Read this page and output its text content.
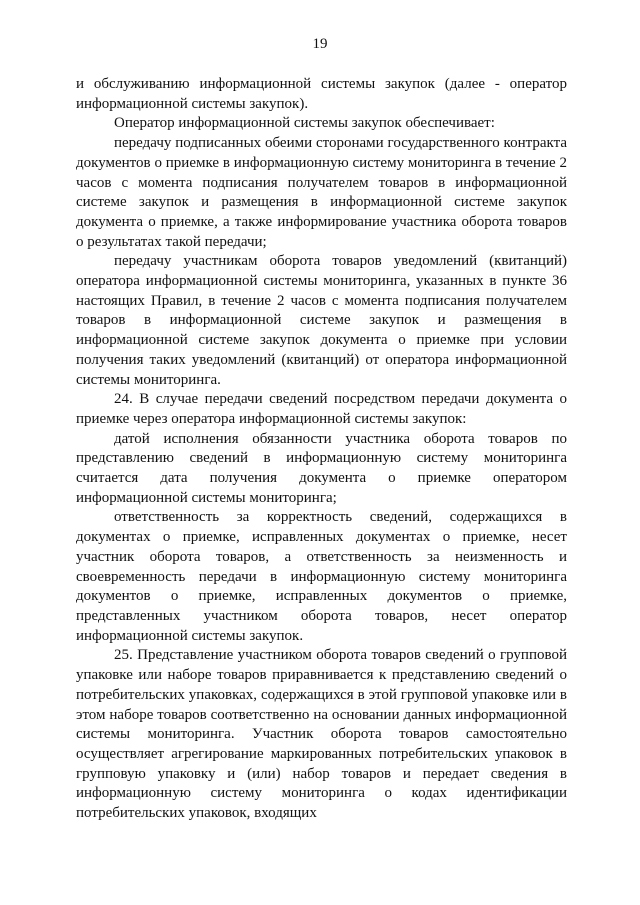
19

и обслуживанию информационной системы закупок (далее - оператор информационной системы закупок).

Оператор информационной системы закупок обеспечивает:

передачу подписанных обеими сторонами государственного контракта документов о приемке в информационную систему мониторинга в течение 2 часов с момента подписания получателем товаров в информационной системе закупок и размещения в информационной системе закупок документа о приемке, а также информирование участника оборота товаров о результатах такой передачи;

передачу участникам оборота товаров уведомлений (квитанций) оператора информационной системы мониторинга, указанных в пункте 36 настоящих Правил, в течение 2 часов с момента подписания получателем товаров в информационной системе закупок и размещения в информационной системе закупок документа о приемке при условии получения таких уведомлений (квитанций) от оператора информационной системы мониторинга.

24. В случае передачи сведений посредством передачи документа о приемке через оператора информационной системы закупок:

датой исполнения обязанности участника оборота товаров по представлению сведений в информационную систему мониторинга считается дата получения документа о приемке оператором информационной системы мониторинга;

ответственность за корректность сведений, содержащихся в документах о приемке, исправленных документах о приемке, несет участник оборота товаров, а ответственность за неизменность и своевременность передачи в информационную систему мониторинга документов о приемке, исправленных документов о приемке, представленных участником оборота товаров, несет оператор информационной системы закупок.

25. Представление участником оборота товаров сведений о групповой упаковке или наборе товаров приравнивается к представлению сведений о потребительских упаковках, содержащихся в этой групповой упаковке или в этом наборе товаров соответственно на основании данных информационной системы мониторинга. Участник оборота товаров самостоятельно осуществляет агрегирование маркированных потребительских упаковок в групповую упаковку и (или) набор товаров и передает сведения в информационную систему мониторинга о кодах идентификации потребительских упаковок, входящих
